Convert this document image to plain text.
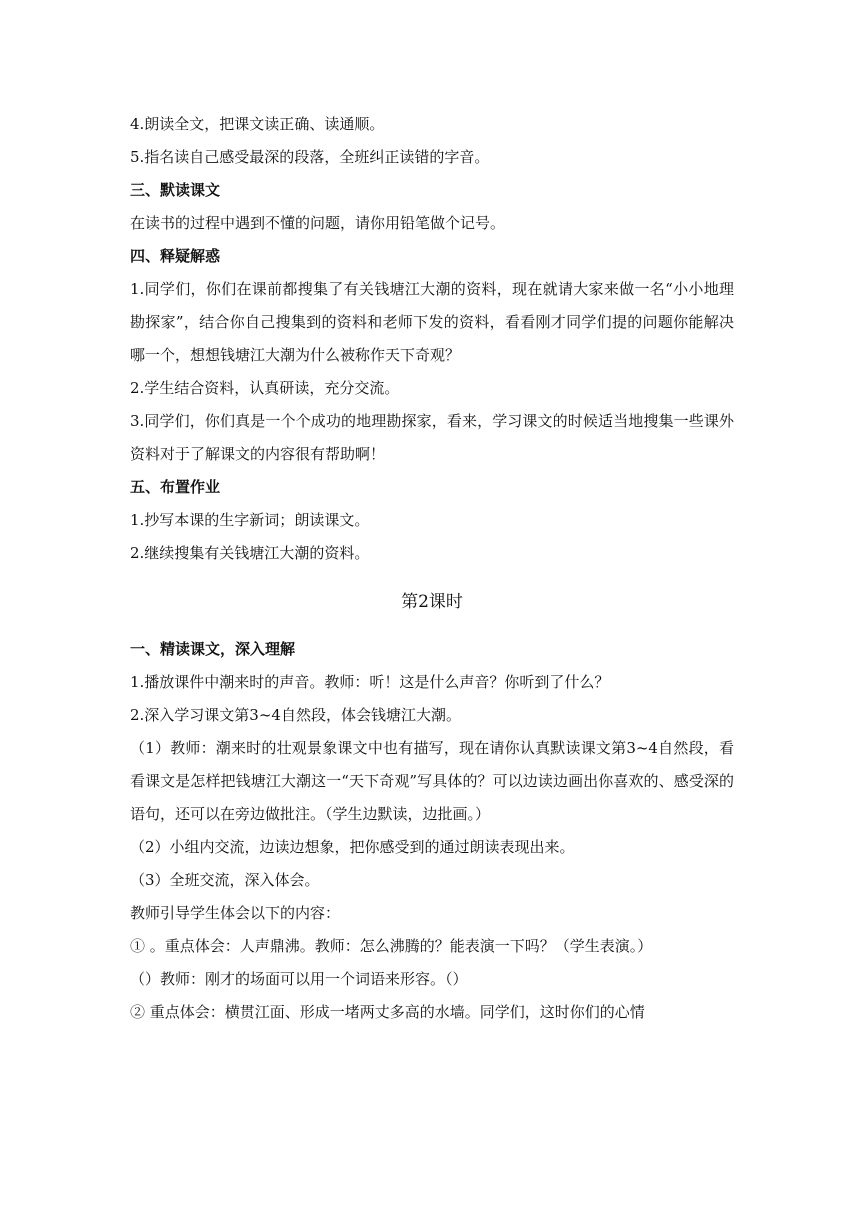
4.朗读全文，把课文读正确、读通顺。

5.指名读自己感受最深的段落，全班纠正读错的字音。

三、默读课文

在读书的过程中遇到不懂的问题，请你用铅笔做个记号。

四、释疑解惑

1.同学们，你们在课前都搜集了有关钱塘江大潮的资料，现在就请大家来做一名“小小地理勘探家”，结合你自己搜集到的资料和老师下发的资料，看看刚才同学们提的问题你能解决哪一个，想想钱塘江大潮为什么被称作天下奇观？

2.学生结合资料，认真研读，充分交流。

3.同学们，你们真是一个个成功的地理勘探家，看来，学习课文的时候适当地搜集一些课外资料对于了解课文的内容很有帮助啊！

五、布置作业

1.抄写本课的生字新词；朗读课文。

2.继续搜集有关钱塘江大潮的资料。

第2课时

一、精读课文，深入理解

1.播放课件中潮来时的声音。教师：听！这是什么声音？你听到了什么？

2.深入学习课文第3~4自然段，体会钱塘江大潮。

（1）教师：潮来时的壮观景象课文中也有描写，现在请你认真默读课文第3~4自然段，看看课文是怎样把钱塘江大潮这一“天下奇观”写具体的？可以边读边画出你喜欢的、感受深的语句，还可以在旁边做批注。（学生边默读，边批画。）

（2）小组内交流，边读边想象，把你感受到的通过朗读表现出来。

（3）全班交流，深入体会。

教师引导学生体会以下的内容：

① 。重点体会：人声鼎沸。教师：怎么沸腾的？能表演一下吗？（学生表演。）

（）教师：刚才的场面可以用一个词语来形容。（）

② 重点体会：横贯江面、形成一堵两丈多高的水墙。同学们，这时你们的心情
